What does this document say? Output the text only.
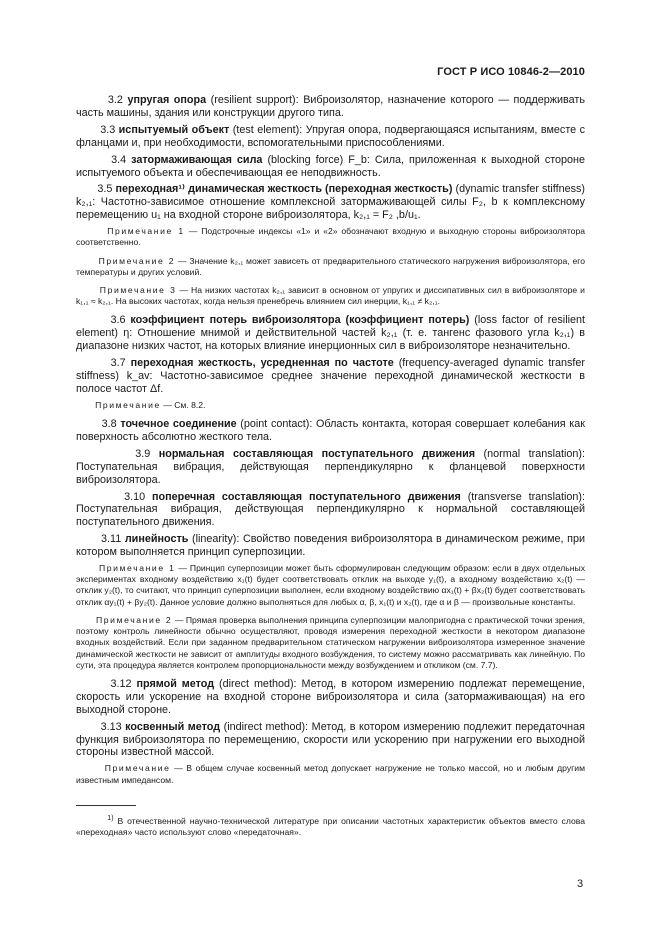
ГОСТ Р ИСО 10846-2—2010

3.2 упругая опора (resilient support): Виброизолятор, назначение которого — поддерживать часть машины, здания или конструкции другого типа.

3.3 испытуемый объект (test element): Упругая опора, подвергающаяся испытаниям, вместе с фланцами и, при необходимости, вспомогательными приспособлениями.

3.4 затормаживающая сила (blocking force) F_b: Сила, приложенная к выходной стороне испытуемого объекта и обеспечивающая ее неподвижность.

3.5 переходная¹⁾ динамическая жесткость (переходная жесткость) (dynamic transfer stiffness) k₂,₁: Частотно-зависимое отношение комплексной затормаживающей силы F₂, b к комплексному перемещению u₁ на входной стороне виброизолятора, k₂,₁ = F₂ ,b/u₁.

Примечание 1 — Подстрочные индексы «1» и «2» обозначают входную и выходную стороны виброизолятора соответственно.

Примечание 2 — Значение k₂,₁ может зависеть от предварительного статического нагружения виброизолятора, его температуры и других условий.

Примечание 3 — На низких частотах k₂,₁ зависит в основном от упругих и диссипативных сил в виброизоляторе и k₁,₁ ≈ k₂,₁. На высоких частотах, когда нельзя пренебречь влиянием сил инерции, k₁,₁ ≠ k₂,₁.

3.6 коэффициент потерь виброизолятора (коэффициент потерь) (loss factor of resilient element) η: Отношение мнимой и действительной частей k₂,₁ (т. е. тангенс фазового угла k₂,₁) в диапазоне низких частот, на которых влияние инерционных сил в виброизоляторе незначительно.

3.7 переходная жесткость, усредненная по частоте (frequency-averaged dynamic transfer stiffness) k_av: Частотно-зависимое среднее значение переходной динамической жесткости в полосе частот Δf.

Примечание — См. 8.2.

3.8 точечное соединение (point contact): Область контакта, которая совершает колебания как поверхность абсолютно жесткого тела.

3.9 нормальная составляющая поступательного движения (normal translation): Поступательная вибрация, действующая перпендикулярно к фланцевой поверхности виброизолятора.

3.10 поперечная составляющая поступательного движения (transverse translation): Поступательная вибрация, действующая перпендикулярно к нормальной составляющей поступательного движения.

3.11 линейность (linearity): Свойство поведения виброизолятора в динамическом режиме, при котором выполняется принцип суперпозиции.

Примечание 1 — Принцип суперпозиции может быть сформулирован следующим образом: если в двух отдельных экспериментах входному воздействию x₁(t) будет соответствовать отклик на выходе y₁(t), а входному воздействию x₂(t) — отклик y₂(t), то считают, что принцип суперпозиции выполнен, если входному воздействию αx₁(t) + βx₂(t) будет соответствовать отклик αy₁(t) + βy₂(t). Данное условие должно выполняться для любых α, β, x₁(t) и x₂(t), где α и β — произвольные константы.

Примечание 2 — Прямая проверка выполнения принципа суперпозиции малопригодна с практической точки зрения, поэтому контроль линейности обычно осуществляют, проводя измерения переходной жесткости в некотором диапазоне входных воздействий. Если при заданном предварительном статическом нагружении виброизолятора измеренное значение динамической жесткости не зависит от амплитуды входного возбуждения, то систему можно рассматривать как линейную. По сути, эта процедура является контролем пропорциональности между возбуждением и откликом (см. 7.7).

3.12 прямой метод (direct method): Метод, в котором измерению подлежат перемещение, скорость или ускорение на входной стороне виброизолятора и сила (затормаживающая) на его выходной стороне.

3.13 косвенный метод (indirect method): Метод, в котором измерению подлежит передаточная функция виброизолятора по перемещению, скорости или ускорению при нагружении его выходной стороны известной массой.

Примечание — В общем случае косвенный метод допускает нагружение не только массой, но и любым другим известным импедансом.

$^{1)}$ В отечественной научно-технической литературе при описании частотных характеристик объектов вместо слова «переходная» часто используют слово «передаточная».
3
